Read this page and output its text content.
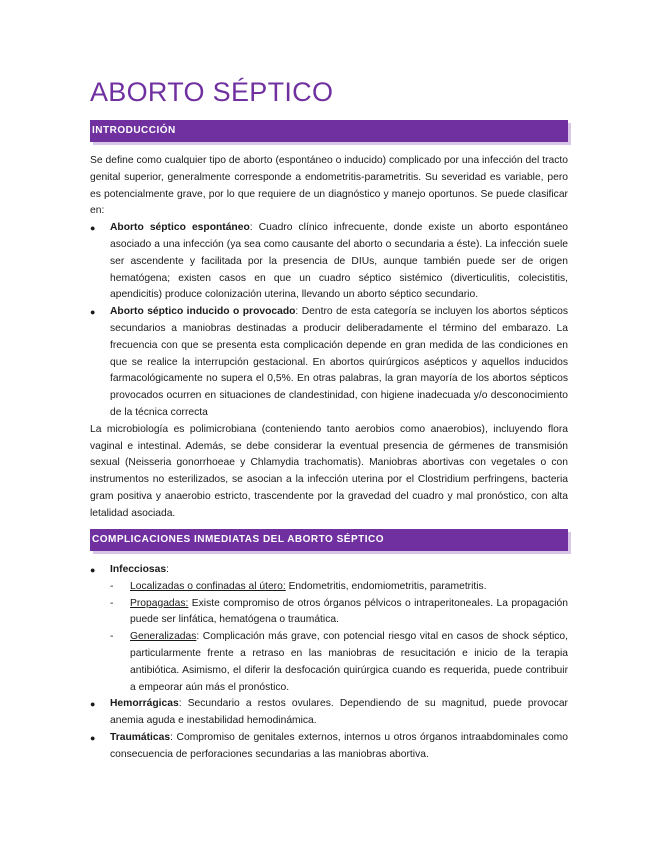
ABORTO SÉPTICO
INTRODUCCIÓN

Se define como cualquier tipo de aborto (espontáneo o inducido) complicado por una infección del tracto genital superior, generalmente corresponde a endometritis-parametritis. Su severidad es variable, pero es potencialmente grave, por lo que requiere de un diagnóstico y manejo oportunos. Se puede clasificar en:

● Aborto séptico espontáneo: Cuadro clínico infrecuente, donde existe un aborto espontáneo asociado a una infección (ya sea como causante del aborto o secundaria a éste). La infección suele ser ascendente y facilitada por la presencia de DIUs, aunque también puede ser de origen hematógena; existen casos en que un cuadro séptico sistémico (diverticulitis, colecistitis, apendicitis) produce colonización uterina, llevando un aborto séptico secundario.
● Aborto séptico inducido o provocado: Dentro de esta categoría se incluyen los abortos sépticos secundarios a maniobras destinadas a producir deliberadamente el término del embarazo. La frecuencia con que se presenta esta complicación depende en gran medida de las condiciones en que se realice la interrupción gestacional. En abortos quirúrgicos asépticos y aquellos inducidos farmacológicamente no supera el 0,5%. En otras palabras, la gran mayoría de los abortos sépticos provocados ocurren en situaciones de clandestinidad, con higiene inadecuada y/o desconocimiento de la técnica correcta

La microbiología es polimicrobiana (conteniendo tanto aerobios como anaerobios), incluyendo flora vaginal e intestinal. Además, se debe considerar la eventual presencia de gérmenes de transmisión sexual (Neisseria gonorrhoeae y Chlamydia trachomatis). Maniobras abortivas con vegetales o con instrumentos no esterilizados, se asocian a la infección uterina por el Clostridium perfringens, bacteria gram positiva y anaerobio estricto, trascendente por la gravedad del cuadro y mal pronóstico, con alta letalidad asociada.

COMPLICACIONES INMEDIATAS DEL ABORTO SÉPTICO
● Infecciosas:
- Localizadas o confinadas al útero: Endometritis, endomiometritis, parametritis.
- Propagadas: Existe compromiso de otros órganos pélvicos o intraperitoneales. La propagación puede ser linfática, hematógena o traumática.
- Generalizadas: Complicación más grave, con potencial riesgo vital en casos de shock séptico, particularmente frente a retraso en las maniobras de resucitación e inicio de la terapia antibiótica. Asimismo, el diferir la desfocación quirúrgica cuando es requerida, puede contribuir a empeorar aún más el pronóstico.
● Hemorrágicas: Secundario a restos ovulares. Dependiendo de su magnitud, puede provocar anemia aguda e inestabilidad hemodinámica.
● Traumáticas: Compromiso de genitales externos, internos u otros órganos intraabdominales como consecuencia de perforaciones secundarias a las maniobras abortiva.
